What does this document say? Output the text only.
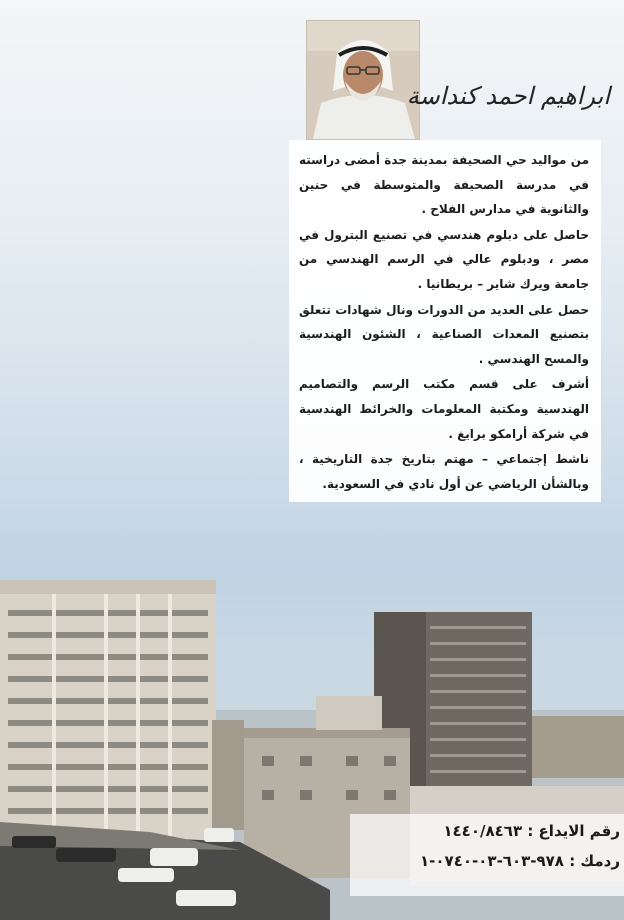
ابراهيم احمد كنداسة

من مواليد حي الصحيفة بمدينة جدة أمضى دراسته في مدرسة الصحيفة والمتوسطة في حنين والثانوية في مدارس الفلاح .

حاصل على دبلوم هندسي في تصنيع البترول في مصر ، ودبلوم عالي في الرسم الهندسي من جامعة ويرك شاير – بريطانيا .

حصل على العديد من الدورات ونال شهادات تتعلق بتصنيع المعدات الصناعية ، الشئون الهندسية والمسح الهندسي .

أشرف على قسم مكتب الرسم والتصاميم الهندسية ومكتبة المعلومات والخرائط الهندسية في شركة أرامكو برايغ .

ناشط إجتماعي – مهتم بتاريخ جدة التاريخية ، وبالشأن الرياضي عن أول نادي في السعودية.

رقم الايداع : ١٤٤٠/٨٤٦٣
ردمك : ٩٧٨-٦٠٣-٠٣-٠٧٤٠-١
